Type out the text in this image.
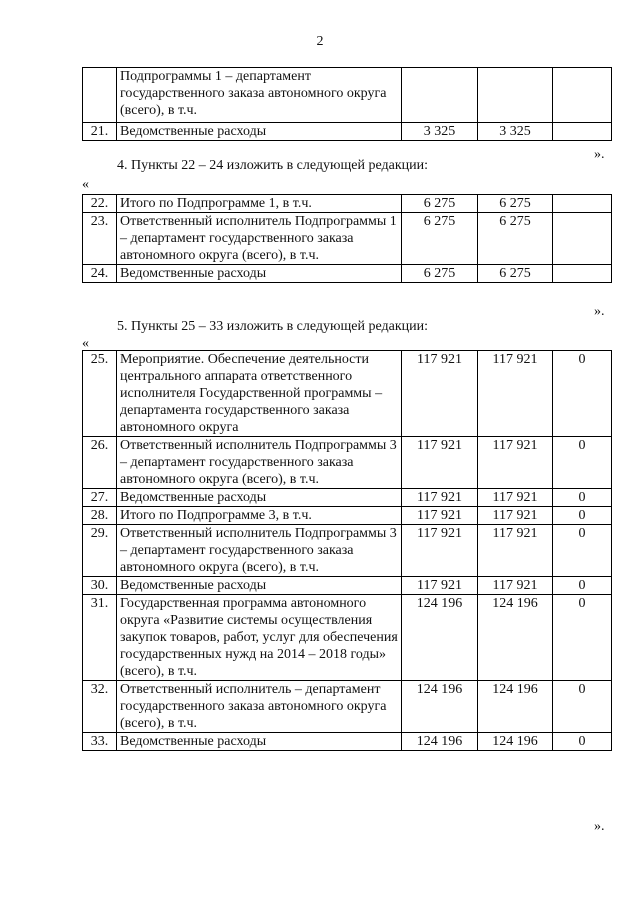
2
	Подпрограммы 1 – департамент государственного заказа автономного округа (всего), в т.ч.			
21.	Ведомственные расходы	3 325	3 325	
».
4. Пункты 22 – 24 изложить в следующей редакции:
«
22.	Итого по Подпрограмме 1, в т.ч.	6 275	6 275	
23.	Ответственный исполнитель Подпрограммы 1 – департамент государственного заказа автономного округа (всего), в т.ч.	6 275	6 275	
24.	Ведомственные расходы	6 275	6 275	
».
5. Пункты 25 – 33 изложить в следующей редакции:
«
25.	Мероприятие. Обеспечение деятельности центрального аппарата ответственного исполнителя Государственной программы – департамента государственного заказа автономного округа	117 921	117 921	0
26.	Ответственный исполнитель Подпрограммы 3 – департамент государственного заказа автономного округа (всего), в т.ч.	117 921	117 921	0
27.	Ведомственные расходы	117 921	117 921	0
28.	Итого по Подпрограмме 3, в т.ч.	117 921	117 921	0
29.	Ответственный исполнитель Подпрограммы 3 – департамент государственного заказа автономного округа (всего), в т.ч.	117 921	117 921	0
30.	Ведомственные расходы	117 921	117 921	0
31.	Государственная программа автономного округа «Развитие системы осуществления закупок товаров, работ, услуг для обеспечения государственных нужд на 2014 – 2018 годы» (всего), в т.ч.	124 196	124 196	0
32.	Ответственный исполнитель – департамент государственного заказа автономного округа (всего), в т.ч.	124 196	124 196	0
33.	Ведомственные расходы	124 196	124 196	0
».
